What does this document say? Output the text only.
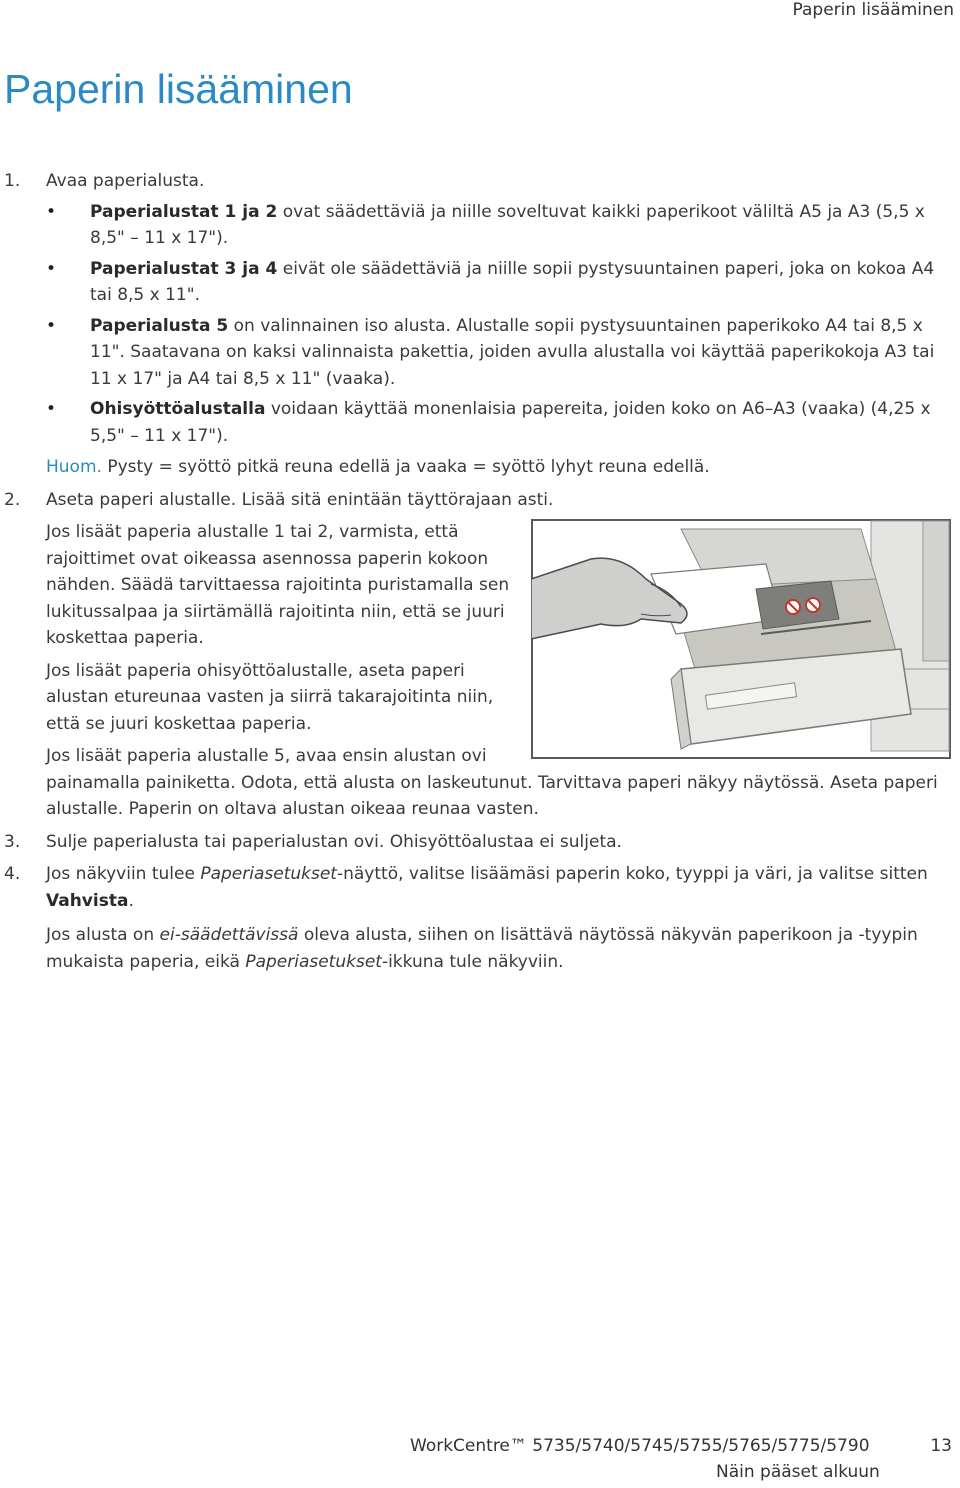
Paperin lisääminen
Paperin lisääminen
1.	Avaa paperialusta.
• Paperialustat 1 ja 2 ovat säädettäviä ja niille soveltuvat kaikki paperikoot väliltä A5 ja A3 (5,5 x 8,5" – 11 x 17").
• Paperialustat 3 ja 4 eivät ole säädettäviä ja niille sopii pystysuuntainen paperi, joka on kokoa A4 tai 8,5 x 11".
• Paperialusta 5 on valinnainen iso alusta. Alustalle sopii pystysuuntainen paperikoko A4 tai 8,5 x 11". Saatavana on kaksi valinnaista pakettia, joiden avulla alustalla voi käyttää paperikokoja A3 tai 11 x 17" ja A4 tai 8,5 x 11" (vaaka).
• Ohisyöttöalustalla voidaan käyttää monenlaisia papereita, joiden koko on A6–A3 (vaaka) (4,25 x 5,5" – 11 x 17").
Huom. Pysty = syöttö pitkä reuna edellä ja vaaka = syöttö lyhyt reuna edellä.
2.	Aseta paperi alustalle. Lisää sitä enintään täyttörajaan asti.
Jos lisäät paperia alustalle 1 tai 2, varmista, että rajoittimet ovat oikeassa asennossa paperin kokoon nähden. Säädä tarvittaessa rajoitinta puristamalla sen lukitussalpaa ja siirtämällä rajoitinta niin, että se juuri koskettaa paperia.
Jos lisäät paperia ohisyöttöalustalle, aseta paperi alustan etureunaa vasten ja siirrä takarajoitinta niin, että se juuri koskettaa paperia.
Jos lisäät paperia alustalle 5, avaa ensin alustan ovi painamalla painiketta. Odota, että alusta on laskeutunut. Tarvittava paperi näkyy näytössä. Aseta paperi alustalle. Paperin on oltava alustan oikeaa reunaa vasten.
3.	Sulje paperialusta tai paperialustan ovi. Ohisyöttöalustaa ei suljeta.
4.	Jos näkyviin tulee Paperiasetukset-näyttö, valitse lisäämäsi paperin koko, tyyppi ja väri, ja valitse sitten Vahvista.
Jos alusta on ei-säädettävissä oleva alusta, siihen on lisättävä näytössä näkyvän paperikoon ja -tyypin mukaista paperia, eikä Paperiasetukset-ikkuna tule näkyviin.
WorkCentre™ 5735/5740/5745/5755/5765/5775/5790	13
Näin pääset alkuun
